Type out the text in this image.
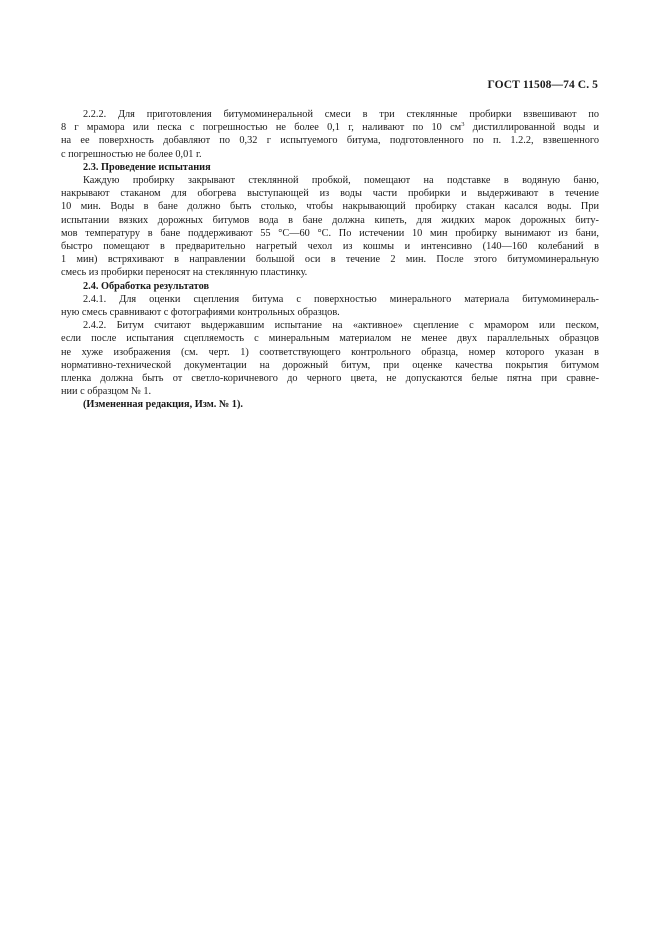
ГОСТ 11508—74 С. 5
2.2.2. Для приготовления битумоминеральной смеси в три стеклянные пробирки взвешивают по
8 г мрамора или песка с погрешностью не более 0,1 г, наливают по 10 $см^3$ дистиллированной воды и
на ее поверхность добавляют по 0,32 г испытуемого битума, подготовленного по п. 1.2.2, взвешенного
с погрешностью не более 0,01 г.
2.3. Проведение испытания
Каждую пробирку закрывают стеклянной пробкой, помещают на подставке в водяную баню,
накрывают стаканом для обогрева выступающей из воды части пробирки и выдерживают в течение
10 мин. Воды в бане должно быть столько, чтобы накрывающий пробирку стакан касался воды. При
испытании вязких дорожных битумов вода в бане должна кипеть, для жидких марок дорожных биту-
мов температуру в бане поддерживают 55 °С—60 °С. По истечении 10 мин пробирку вынимают из бани,
быстро помещают в предварительно нагретый чехол из кошмы и интенсивно (140—160 колебаний в
1 мин) встряхивают в направлении большой оси в течение 2 мин. После этого битумоминеральную
смесь из пробирки переносят на стеклянную пластинку.
2.4. Обработка результатов
2.4.1. Для оценки сцепления битума с поверхностью минерального материала битумоминераль-
ную смесь сравнивают с фотографиями контрольных образцов.
2.4.2. Битум считают выдержавшим испытание на «активное» сцепление с мрамором или песком,
если после испытания сцепляемость с минеральным материалом не менее двух параллельных образцов
не хуже изображения (см. черт. 1) соответствующего контрольного образца, номер которого указан в
нормативно-технической документации на дорожный битум, при оценке качества покрытия битумом
пленка должна быть от светло-коричневого до черного цвета, не допускаются белые пятна при сравне-
нии с образцом № 1.
(Измененная редакция, Изм. № 1).
